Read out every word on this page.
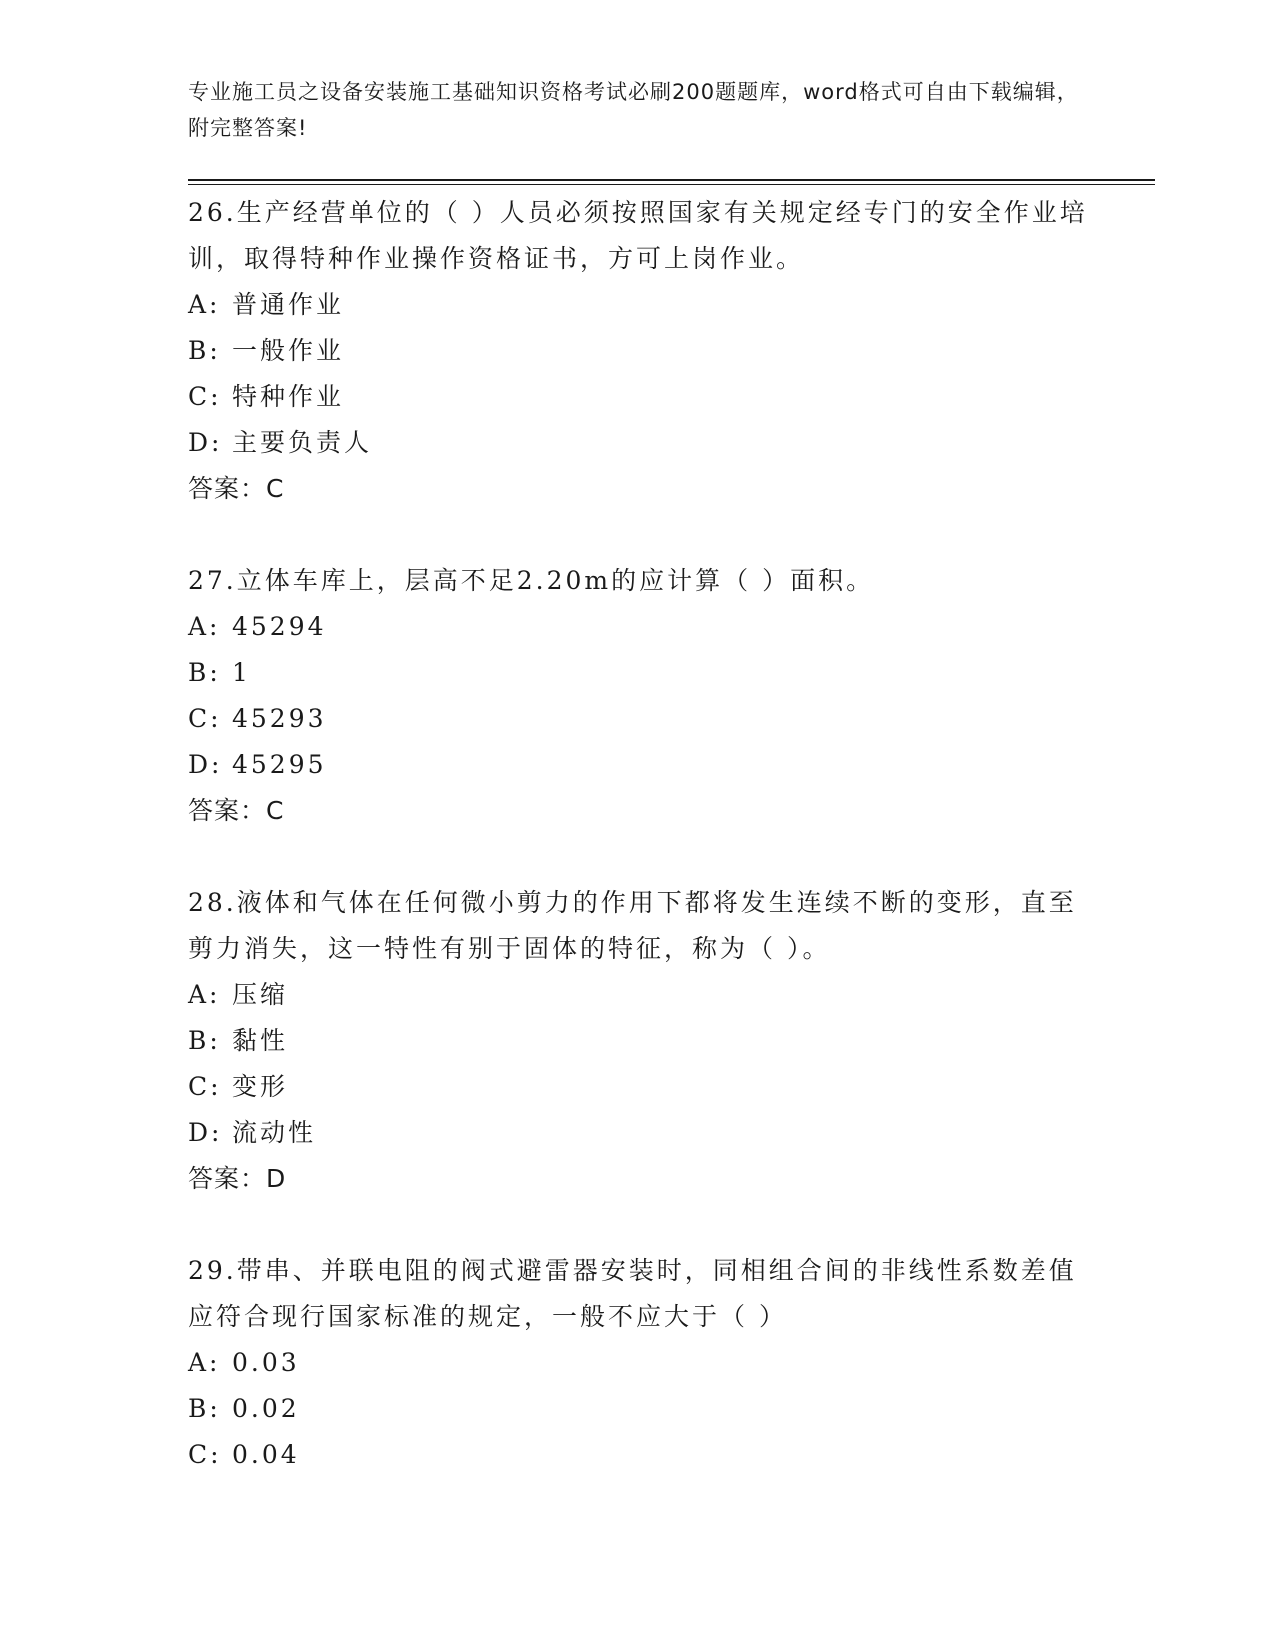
专业施工员之设备安装施工基础知识资格考试必刷200题题库，word格式可自由下载编辑，附完整答案!
26.生产经营单位的（ ）人员必须按照国家有关规定经专门的安全作业培训，取得特种作业操作资格证书，方可上岗作业。
A: 普通作业
B: 一般作业
C: 特种作业
D: 主要负责人
答案：C
27.立体车库上，层高不足2.20m的应计算（ ）面积。
A: 45294
B: 1
C: 45293
D: 45295
答案：C
28.液体和气体在任何微小剪力的作用下都将发生连续不断的变形，直至剪力消失，这一特性有别于固体的特征，称为（ ）。
A: 压缩
B: 黏性
C: 变形
D: 流动性
答案：D
29.带串、并联电阻的阀式避雷器安装时，同相组合间的非线性系数差值应符合现行国家标准的规定，一般不应大于（ ）
A: 0.03
B: 0.02
C: 0.04
